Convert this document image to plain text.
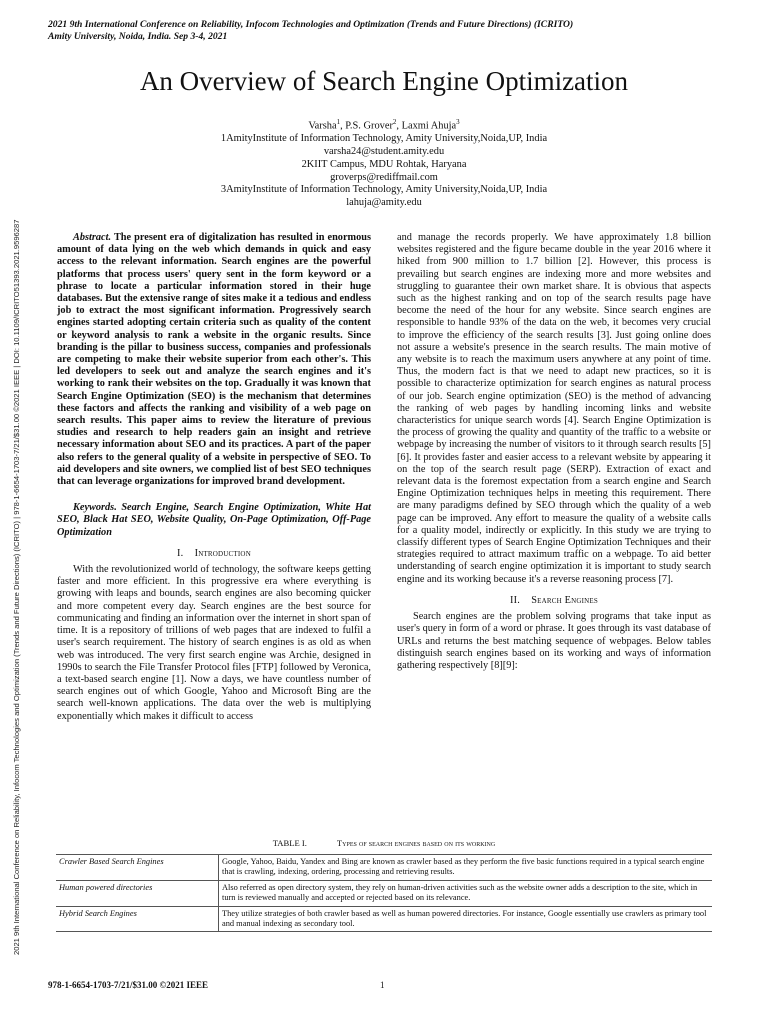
2021 9th International Conference on Reliability, Infocom Technologies and Optimization (Trends and Future Directions) (ICRITO)
Amity University, Noida, India. Sep 3-4, 2021
2021 9th International Conference on Reliability, Infocom Technologies and Optimization (Trends and Future Directions) (ICRITO) | 978-1-6654-1703-7/21/$31.00 ©2021 IEEE | DOI: 10.1109/ICRITO51393.2021.9596287
An Overview of Search Engine Optimization
Varsha$^1$, P.S. Grover$^2$, Laxmi Ahuja$^3$
1AmityInstitute of Information Technology, Amity University,Noida,UP, India
varsha24@student.amity.edu
2KIIT Campus, MDU Rohtak, Haryana
groverps@rediffmail.com
3AmityInstitute of Information Technology, Amity University,Noida,UP, India
lahuja@amity.edu

Abstract. The present era of digitalization has resulted in enormous amount of data lying on the web which demands in quick and easy access to the relevant information. Search engines are the powerful platforms that process users' query sent in the form keyword or a phrase to locate a particular information stored in their huge databases. But the extensive range of sites make it a tedious and endless job to extract the most significant information. Progressively search engines started adopting certain criteria such as quality of the content or keyword analysis to rank a website in the organic results. Since branding is the pillar to business success, companies and professionals are competing to make their website superior from each other's. This led developers to seek out and analyze the search engines and it's working to rank their websites on the top. Gradually it was known that Search Engine Optimization (SEO) is the mechanism that determines these factors and affects the ranking and visibility of a web page on search results. This paper aims to review the literature of previous studies and research to help readers gain an insight and retrieve necessary information about SEO and its practices. A part of the paper also refers to the general quality of a website in perspective of SEO. To aid developers and site owners, we complied list of best SEO techniques that can leverage organizations for improved brand development.

Keywords. Search Engine, Search Engine Optimization, White Hat SEO, Black Hat SEO, Website Quality, On-Page Optimization, Off-Page Optimization

I. Introduction

With the revolutionized world of technology, the software keeps getting faster and more efficient. In this progressive era where everything is growing with leaps and bounds, search engines are also becoming quicker and more competent every day. Search engines are the best source for communicating and finding an information over the internet in short span of time. It is a repository of trillions of web pages that are indexed to fulfil a user's search requirement. The history of search engines is as old as when web was introduced. The very first search engine was Archie, designed in 1990s to search the File Transfer Protocol files [FTP] followed by Veronica, a text-based search engine [1]. Now a days, we have countless number of search engines out of which Google, Yahoo and Microsoft Bing are the search well-known applications. The data over the web is multiplying exponentially which makes it difficult to access

and manage the records properly. We have approximately 1.8 billion websites registered and the figure became double in the year 2016 where it hiked from 900 million to 1.7 billion [2]. However, this process is prevailing but search engines are indexing more and more websites and struggling to guarantee their own market share. It is obvious that aspects such as the highest ranking and on top of the search results page have become the need of the hour for any website. Since search engines are responsible to handle 93% of the data on the web, it becomes very crucial to improve the efficiency of the search results [3]. Just going online does not assure a website's presence in the search results. The main motive of any website is to reach the maximum users anywhere at any point of time. Thus, the modern fact is that we need to adapt new practices, so it is possible to characterize optimization for search engines as natural process of our job. Search engine optimization (SEO) is the method of advancing the ranking of web pages by handling incoming links and website characteristics for unique search words [4]. Search Engine Optimization is the process of growing the quality and quantity of the traffic to a website or webpage by increasing the number of visitors to it through search results [5][6]. It provides faster and easier access to a relevant website by appearing it on the top of the search result page (SERP). Extraction of exact and relevant data is the foremost expectation from a search engine and Search Engine Optimization techniques helps in meeting this requirement. There are many paradigms defined by SEO through which the quality of a web page can be improved. Any effort to measure the quality of a website calls for a quality model, indirectly or explicitly. In this study we are trying to classify different types of Search Engine Optimization Techniques and their strategies required to attract maximum traffic on a webpage. To aid better understanding of search engine optimization it is important to study search engine and its working because it's a reverse reasoning process [7].

II. Search Engines

Search engines are the problem solving programs that take input as user's query in form of a word or phrase. It goes through its vast database of URLs and returns the best matching sequence of webpages. Below tables distinguish search engines based on its working and ways of information gathering respectively [8][9]:

TABLE I.	Types of search engines based on its working
Crawler Based Search Engines	Google, Yahoo, Baidu, Yandex and Bing are known as crawler based as they perform the five basic functions required in a typical search engine that is crawling, indexing, ordering, processing and retrieving results.
Human powered directories	Also referred as open directory system, they rely on human-driven activities such as the website owner adds a description to the site, which in turn is reviewed manually and accepted or rejected based on its relevance.
Hybrid Search Engines	They utilize strategies of both crawler based as well as human powered directories. For instance, Google essentially use crawlers as primary tool and manual indexing as secondary tool.
978-1-6654-1703-7/21/$31.00 ©2021 IEEE	1
